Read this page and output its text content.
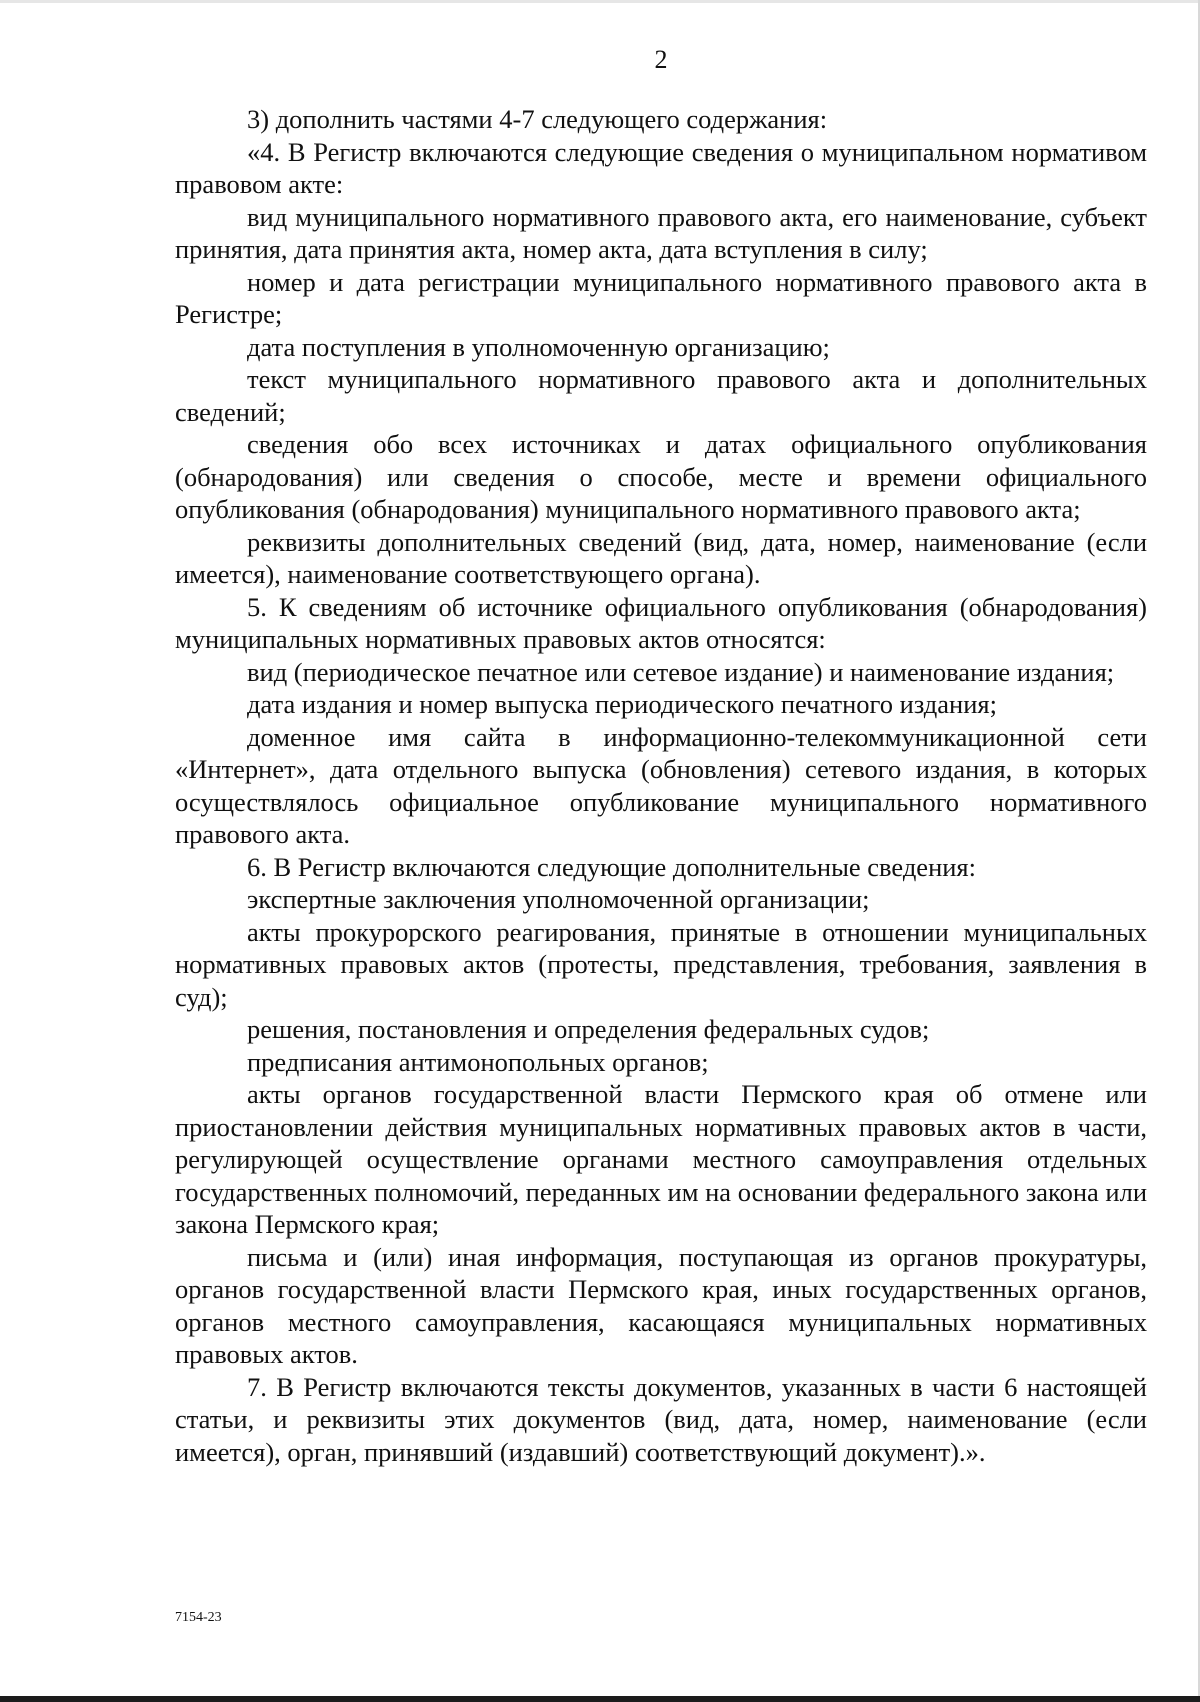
2

3) дополнить частями 4-7 следующего содержания:

«4. В Регистр включаются следующие сведения о муниципальном нормативом правовом акте:

вид муниципального нормативного правового акта, его наименование, субъект принятия, дата принятия акта, номер акта, дата вступления в силу;

номер и дата регистрации муниципального нормативного правового акта в Регистре;

дата поступления в уполномоченную организацию;

текст муниципального нормативного правового акта и дополнительных сведений;

сведения обо всех источниках и датах официального опубликования (обнародования) или сведения о способе, месте и времени официального опубликования (обнародования) муниципального нормативного правового акта;

реквизиты дополнительных сведений (вид, дата, номер, наименование (если имеется), наименование соответствующего органа).

5. К сведениям об источнике официального опубликования (обнародования) муниципальных нормативных правовых актов относятся:

вид (периодическое печатное или сетевое издание) и наименование издания;

дата издания и номер выпуска периодического печатного издания;

доменное имя сайта в информационно-телекоммуникационной сети «Интернет», дата отдельного выпуска (обновления) сетевого издания, в которых осуществлялось официальное опубликование муниципального нормативного правового акта.

6. В Регистр включаются следующие дополнительные сведения:

экспертные заключения уполномоченной организации;

акты прокурорского реагирования, принятые в отношении муниципальных нормативных правовых актов (протесты, представления, требования, заявления в суд);

решения, постановления и определения федеральных судов;

предписания антимонопольных органов;

акты органов государственной власти Пермского края об отмене или приостановлении действия муниципальных нормативных правовых актов в части, регулирующей осуществление органами местного самоуправления отдельных государственных полномочий, переданных им на основании федерального закона или закона Пермского края;

письма и (или) иная информация, поступающая из органов прокуратуры, органов государственной власти Пермского края, иных государственных органов, органов местного самоуправления, касающаяся муниципальных нормативных правовых актов.

7. В Регистр включаются тексты документов, указанных в части 6 настоящей статьи, и реквизиты этих документов (вид, дата, номер, наименование (если имеется), орган, принявший (издавший) соответствующий документ).».

7154-23
